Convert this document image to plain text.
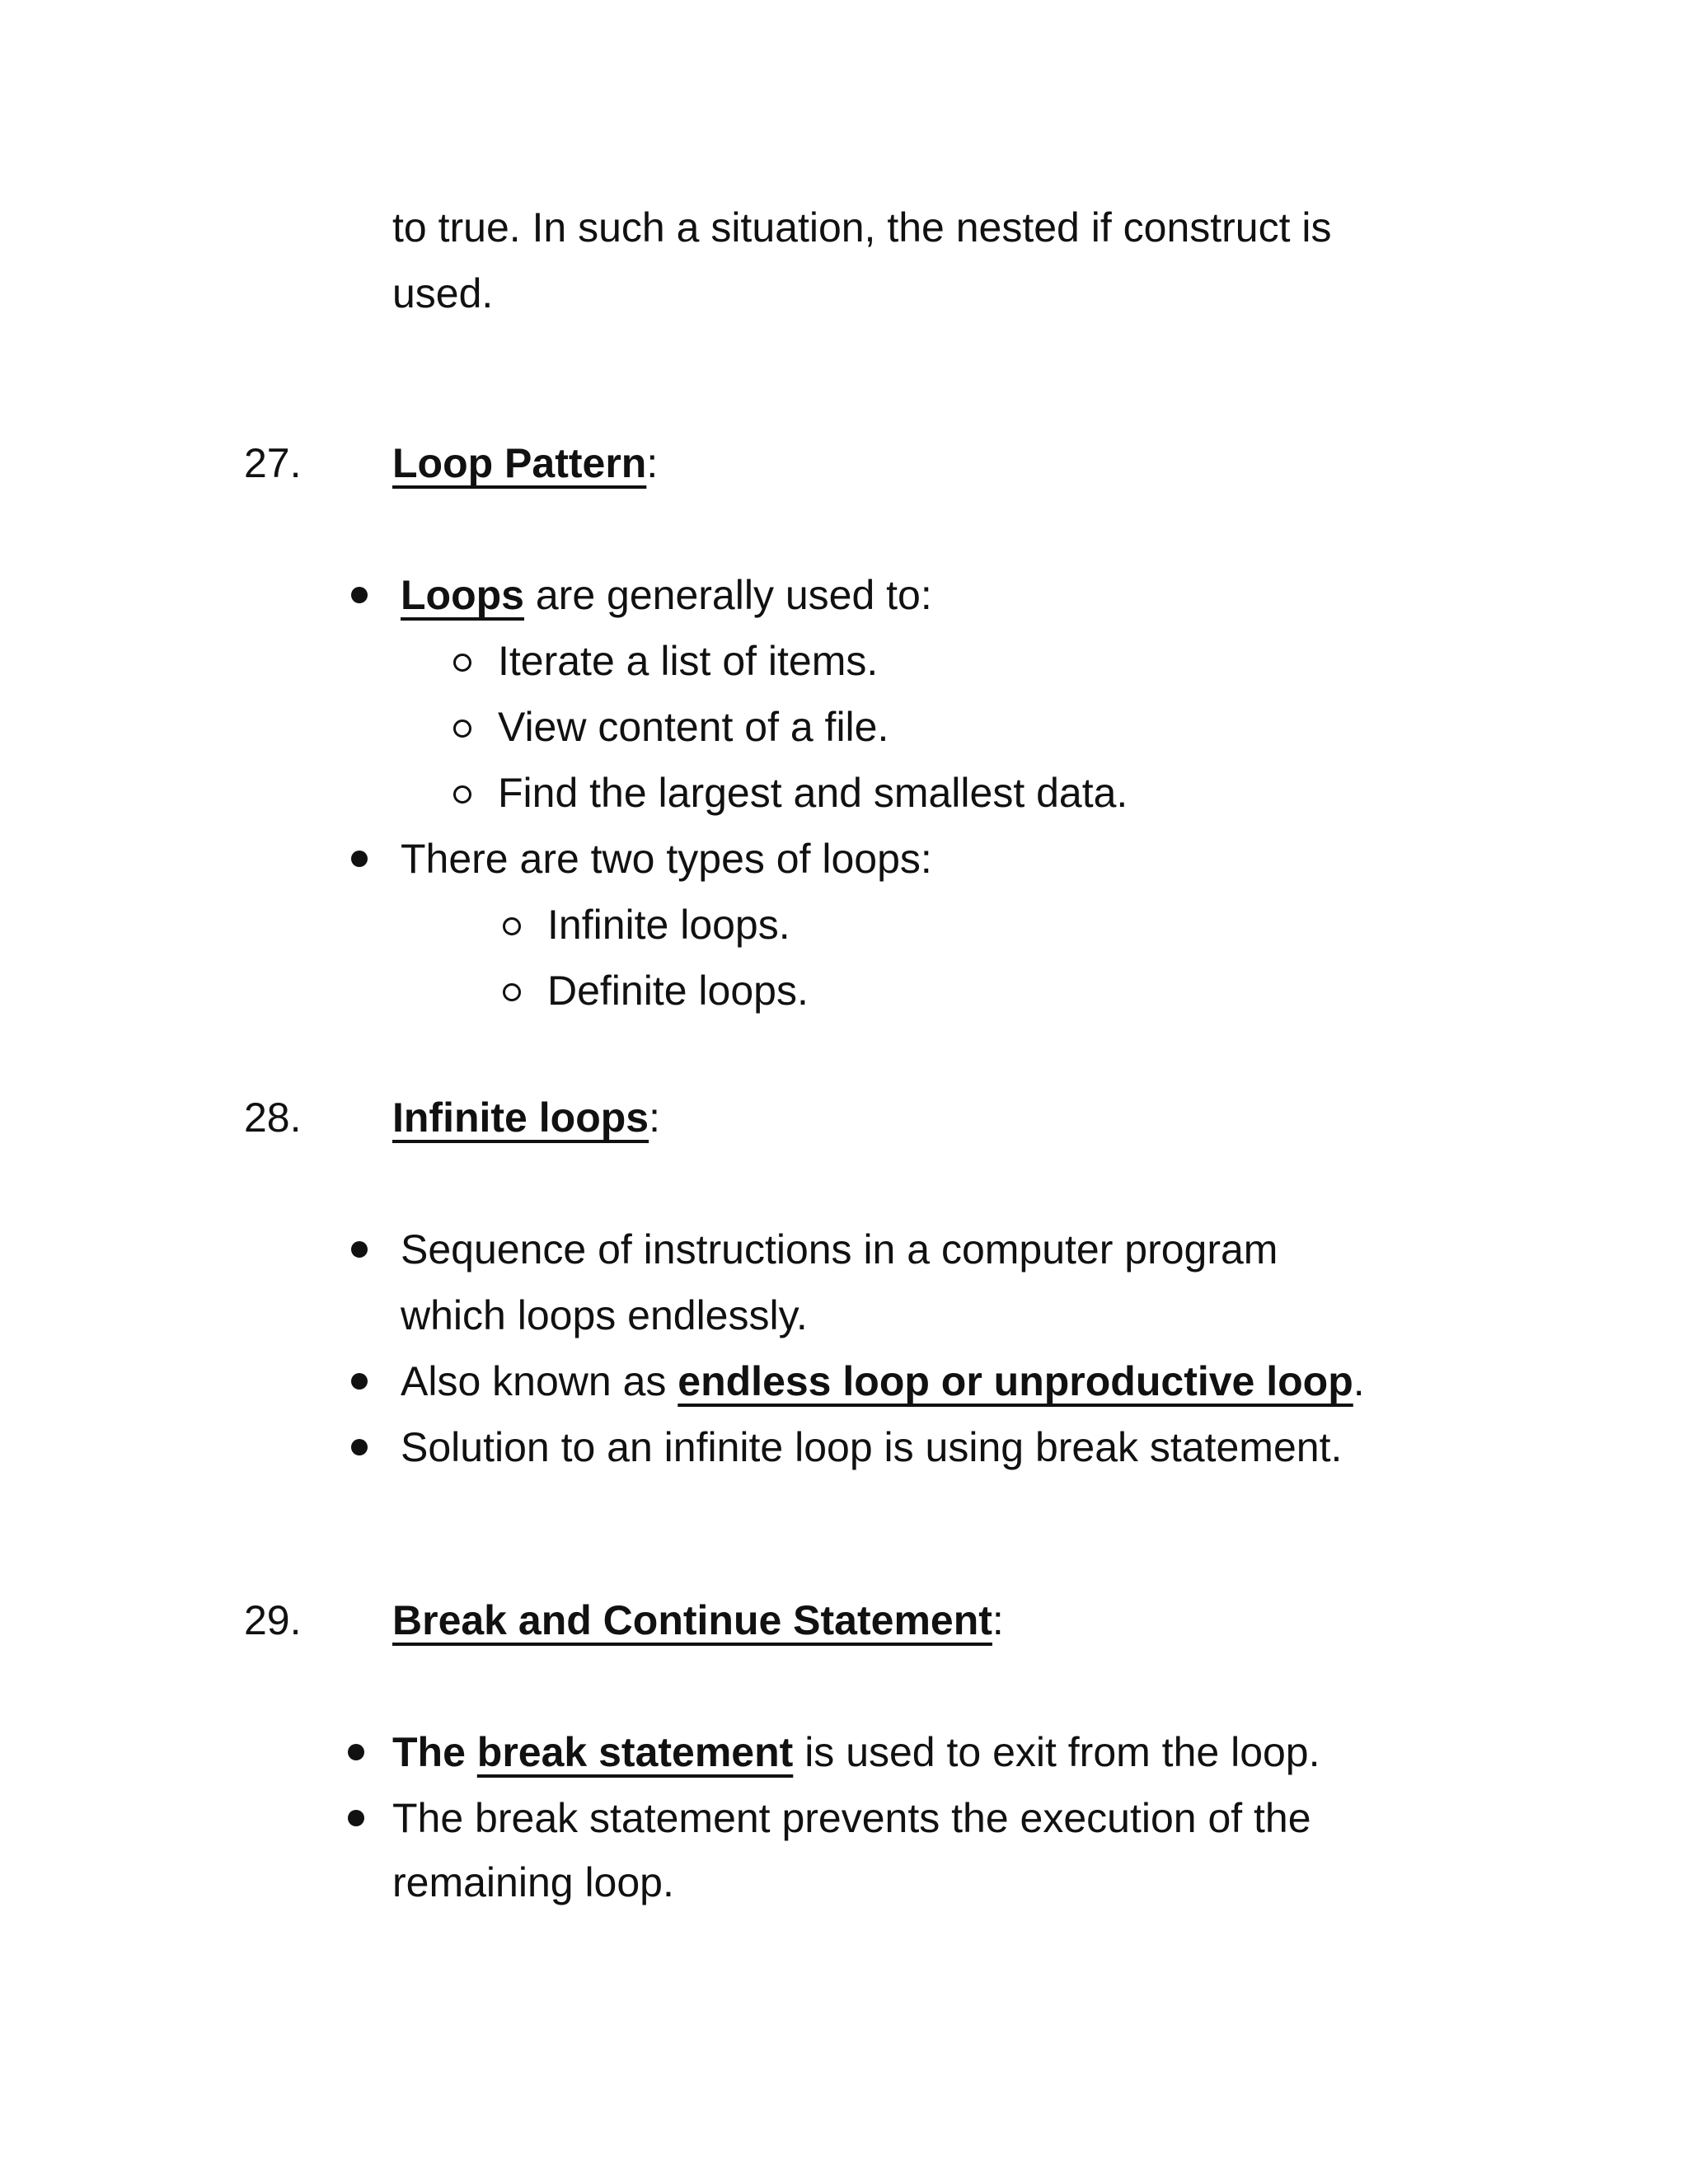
to true. In such a situation, the nested if construct is
used.
27. Loop Pattern:
Loops are generally used to:
Iterate a list of items.
View content of a file.
Find the largest and smallest data.
There are two types of loops:
Infinite loops.
Definite loops.
28. Infinite loops:
Sequence of instructions in a computer program
which loops endlessly.
Also known as endless loop or unproductive loop.
Solution to an infinite loop is using break statement.
29. Break and Continue Statement:
The break statement is used to exit from the loop.
The break statement prevents the execution of the
remaining loop.
